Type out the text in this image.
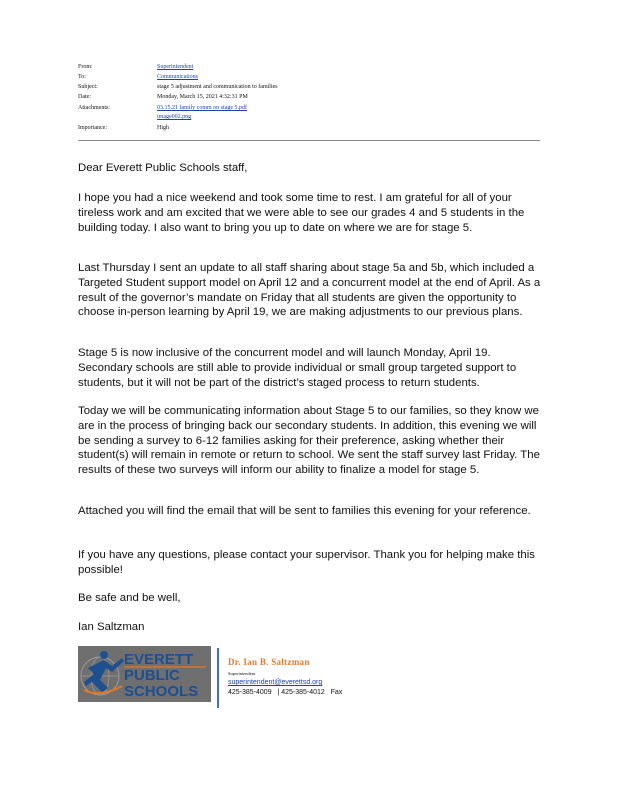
From:	Superintendent
To:	Communications
Subject:	stage 5 adjustment and communication to families
Date:	Monday, March 15, 2021 4:32:31 PM
Attachments:	03.15.21 family comm on stage 5.pdf
image002.png
Importance:	High

Dear Everett Public Schools staff,

I hope you had a nice weekend and took some time to rest. I am grateful for all of your tireless work and am excited that we were able to see our grades 4 and 5 students in the building today. I also want to bring you up to date on where we are for stage 5.

Last Thursday I sent an update to all staff sharing about stage 5a and 5b, which included a Targeted Student support model on April 12 and a concurrent model at the end of April. As a result of the governor’s mandate on Friday that all students are given the opportunity to choose in-person learning by April 19, we are making adjustments to our previous plans.

Stage 5 is now inclusive of the concurrent model and will launch Monday, April 19. Secondary schools are still able to provide individual or small group targeted support to students, but it will not be part of the district’s staged process to return students.

Today we will be communicating information about Stage 5 to our families, so they know we are in the process of bringing back our secondary students. In addition, this evening we will be sending a survey to 6-12 families asking for their preference, asking whether their student(s) will remain in remote or return to school. We sent the staff survey last Friday. The results of these two surveys will inform our ability to finalize a model for stage 5.

Attached you will find the email that will be sent to families this evening for your reference.

If you have any questions, please contact your supervisor. Thank you for helping make this possible!

Be safe and be well,

Ian Saltzman

EVERETT
PUBLIC
SCHOOLS
Dr. Ian B. Saltzman
Superintendent
superintendent@everettsd.org
425-385-4009   | 425-385-4012   Fax
